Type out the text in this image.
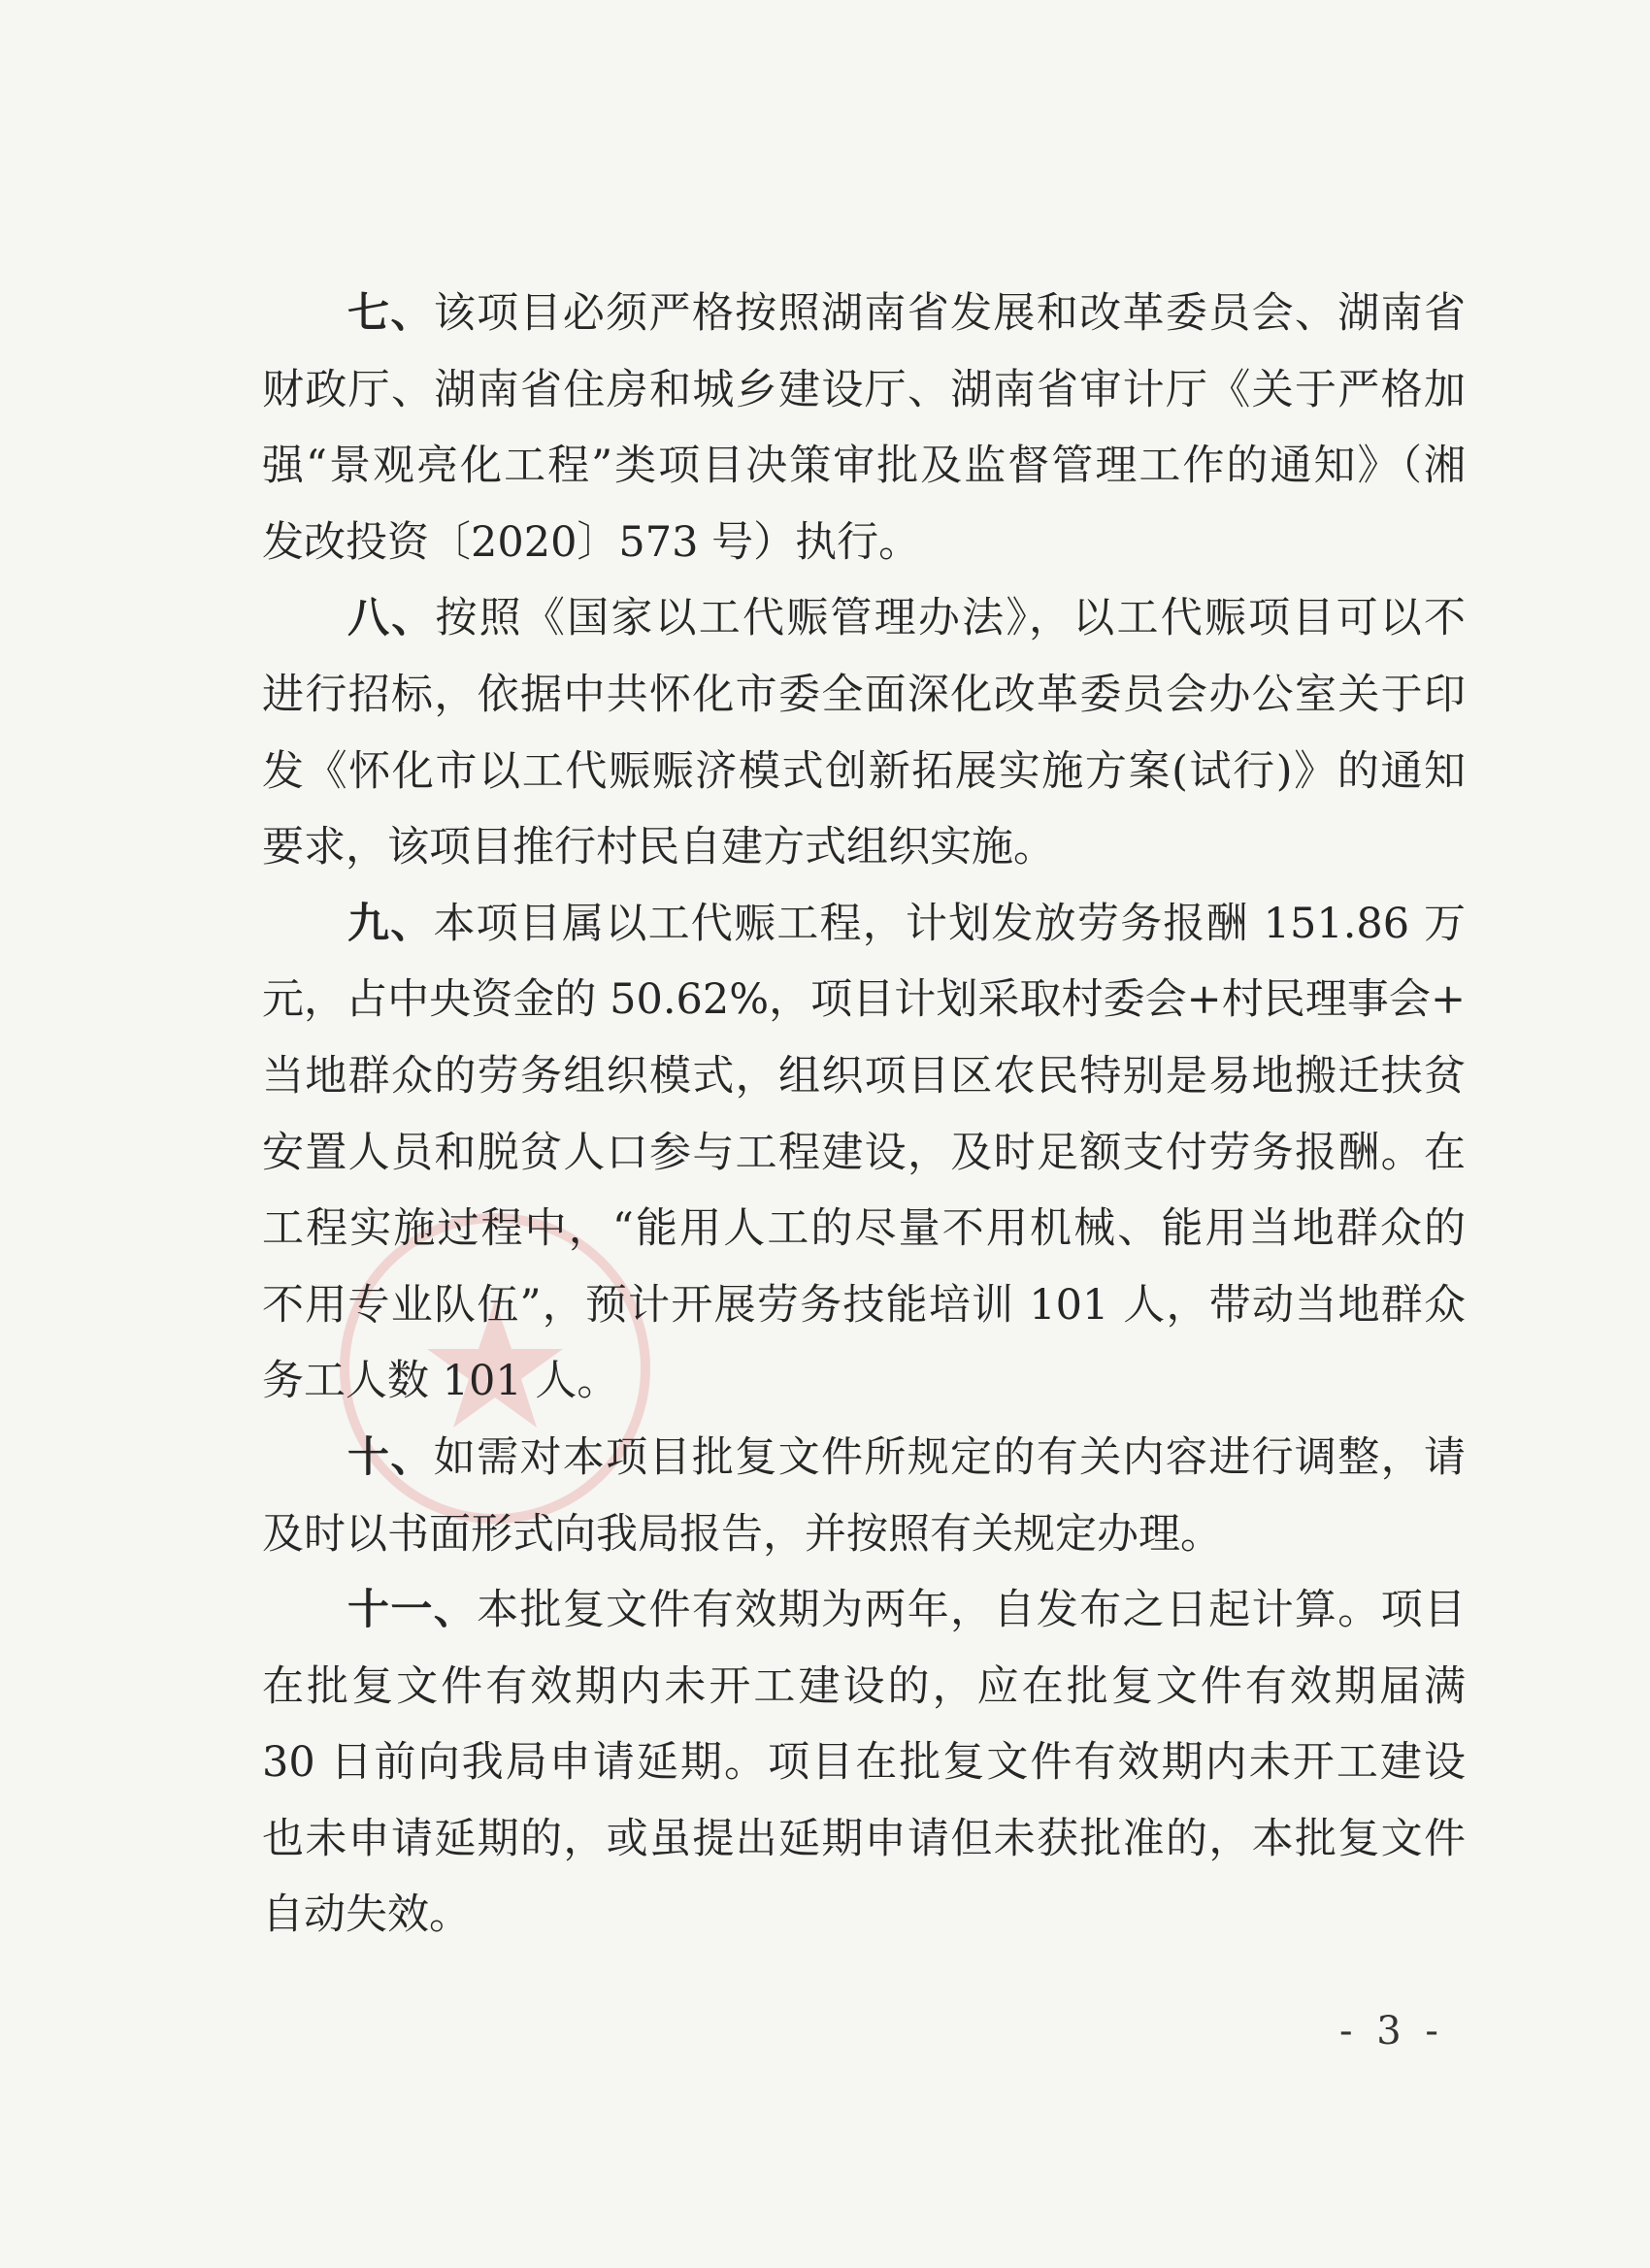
七、该项目必须严格按照湖南省发展和改革委员会、湖南省
财政厅、湖南省住房和城乡建设厅、湖南省审计厅《关于严格加
强“景观亮化工程”类项目决策审批及监督管理工作的通知》（湘
发改投资〔2020〕573 号）执行。
八、按照《国家以工代赈管理办法》，以工代赈项目可以不
进行招标，依据中共怀化市委全面深化改革委员会办公室关于印
发《怀化市以工代赈赈济模式创新拓展实施方案(试行)》的通知
要求，该项目推行村民自建方式组织实施。
九、本项目属以工代赈工程，计划发放劳务报酬 151.86 万
元，占中央资金的 50.62%，项目计划采取村委会+村民理事会+
当地群众的劳务组织模式，组织项目区农民特别是易地搬迁扶贫
安置人员和脱贫人口参与工程建设，及时足额支付劳务报酬。在
工程实施过程中，“能用人工的尽量不用机械、能用当地群众的
不用专业队伍”，预计开展劳务技能培训 101 人，带动当地群众
务工人数 101 人。
十、如需对本项目批复文件所规定的有关内容进行调整，请
及时以书面形式向我局报告，并按照有关规定办理。
十一、本批复文件有效期为两年，自发布之日起计算。项目
在批复文件有效期内未开工建设的，应在批复文件有效期届满
30 日前向我局申请延期。项目在批复文件有效期内未开工建设
也未申请延期的，或虽提出延期申请但未获批准的，本批复文件
自动失效。
- 3 -
